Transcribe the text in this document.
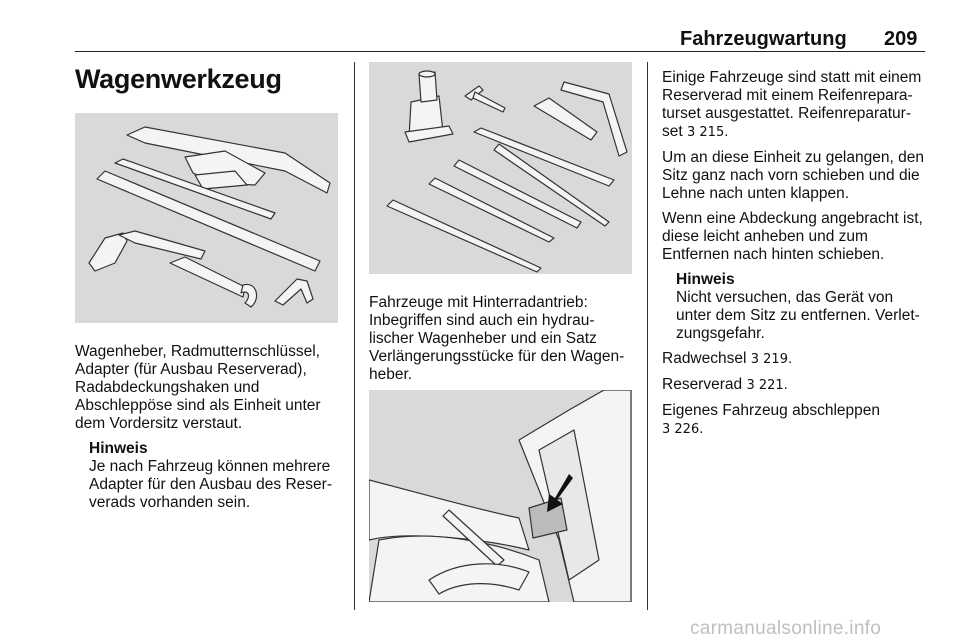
Fahrzeugwartung 209
Wagenwerkzeug

Wagenheber, Radmutternschlüssel, Adapter (für Ausbau Reserverad), Radabdeckungshaken und Abschleppöse sind als Einheit unter dem Vordersitz verstaut.

Hinweis
Je nach Fahrzeug können mehrere Adapter für den Ausbau des Reser-verads vorhanden sein.

Fahrzeuge mit Hinterradantrieb: Inbegriffen sind auch ein hydrau-lischer Wagenheber und ein Satz Verlängerungsstücke für den Wagen-heber.

Einige Fahrzeuge sind statt mit einem Reserverad mit einem Reifenrepara-turset ausgestattet. Reifenreparatur-set 3 215.

Um an diese Einheit zu gelangen, den Sitz ganz nach vorn schieben und die Lehne nach unten klappen.

Wenn eine Abdeckung angebracht ist, diese leicht anheben und zum Entfernen nach hinten schieben.

Hinweis
Nicht versuchen, das Gerät von unter dem Sitz zu entfernen. Verlet-zungsgefahr.

Radwechsel 3 219.

Reserverad 3 221.

Eigenes Fahrzeug abschleppen
3 226.

carmanualsonline.info
